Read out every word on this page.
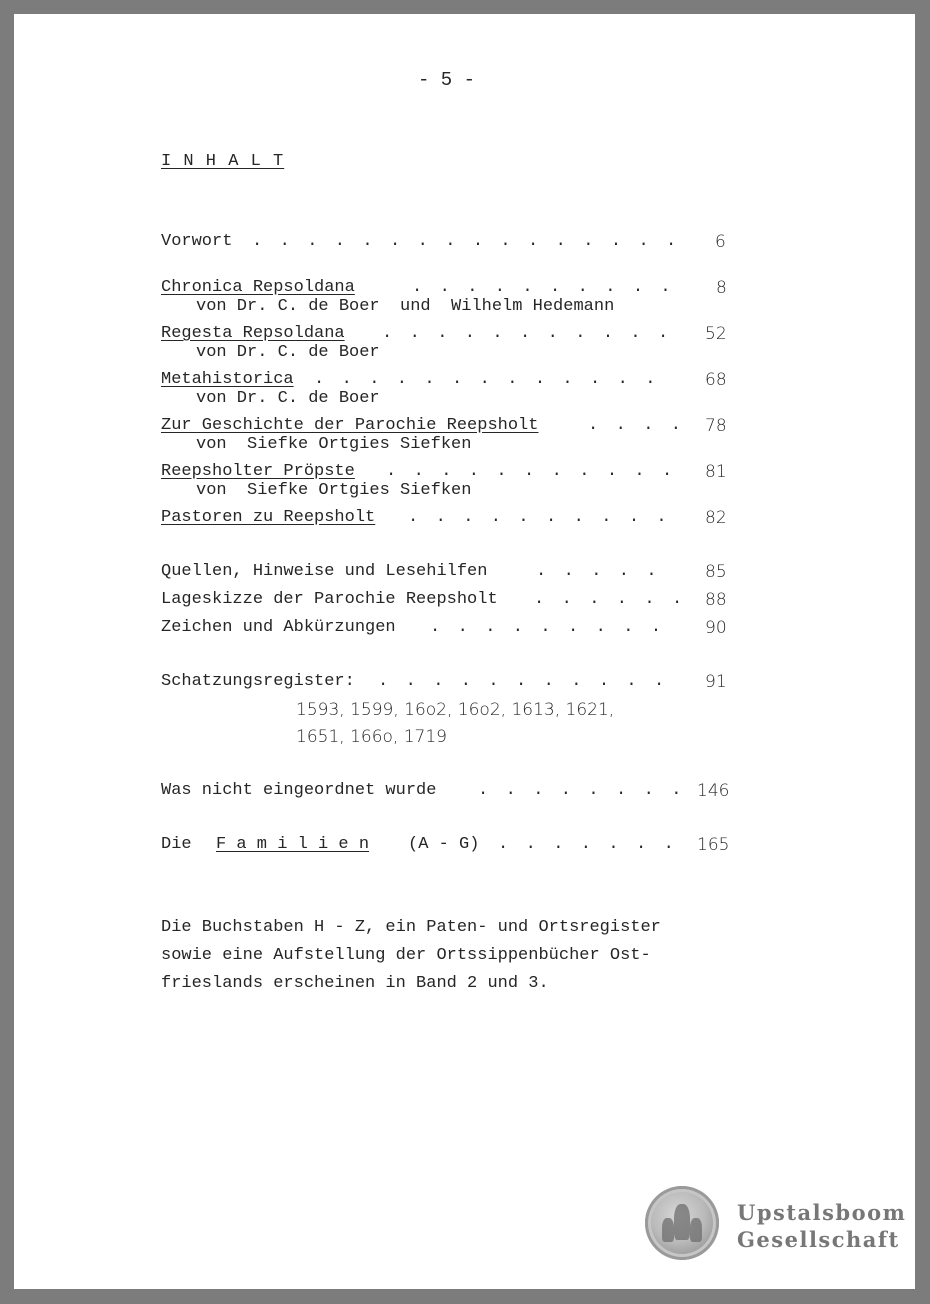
- 5 -
I N H A L T
Vorwort . . .	6
Chronica Repsoldana . . .	8
von Dr. C. de Boer  und  Wilhelm Hedemann
Regesta Repsoldana . . .	52
von Dr. C. de Boer
Metahistorica . . .	68
von Dr. C. de Boer
Zur Geschichte der Parochie Reepsholt . . .	78
von  Siefke Ortgies Siefken
Reepsholter Pröpste . . .	81
von  Siefke Ortgies Siefken
Pastoren zu Reepsholt . . .	82
Quellen, Hinweise und Lesehilfen . . .	85
Lageskizze der Parochie Reepsholt . . .	88
Zeichen und Abkürzungen . . .	90
Schatzungsregister: . . .	91
1593, 1599, 16o2, 16o2, 1613, 1621,
1651, 166o, 1719
Was nicht eingeordnet wurde . . .	146
Die F a m i l i e n (A - G) . . .	165
Die Buchstaben H - Z, ein Paten- und Ortsregister
sowie eine Aufstellung der Ortssippenbücher Ost-
frieslands erscheinen in Band 2 und 3.
Upstalsboom
Gesellschaft
